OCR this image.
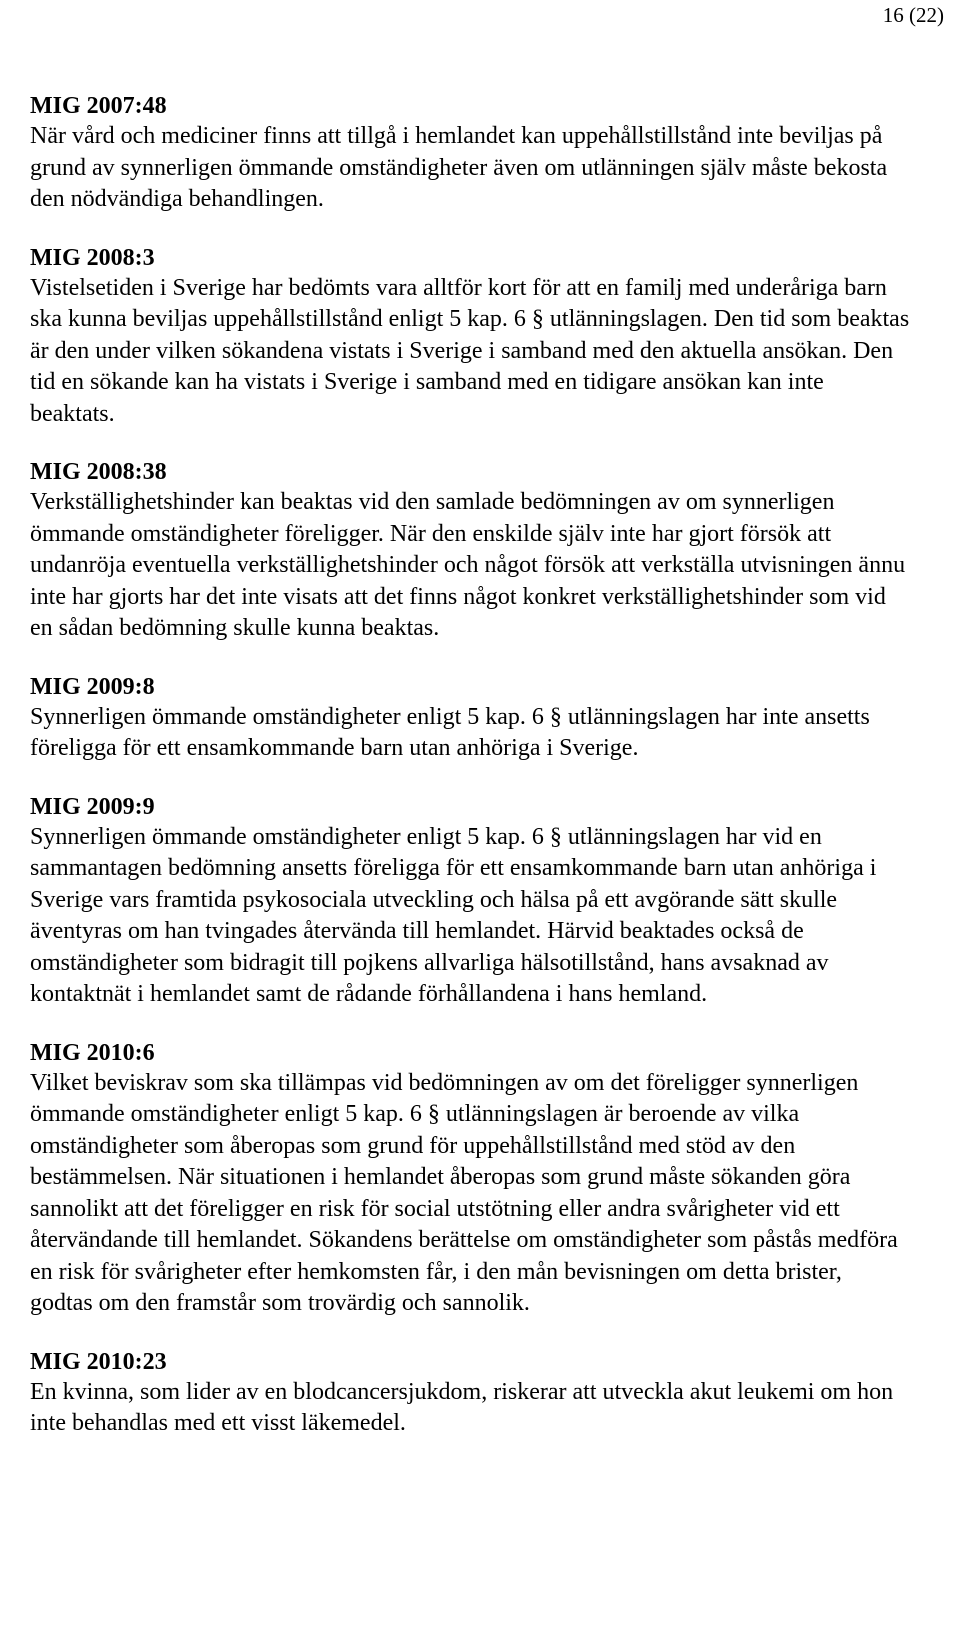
16 (22)

MIG 2007:48

När vård och mediciner finns att tillgå i hemlandet kan uppehållstillstånd inte beviljas på grund av synnerligen ömmande omständigheter även om utlänningen själv måste bekosta den nödvändiga behandlingen.

MIG 2008:3

Vistelsetiden i Sverige har bedömts vara alltför kort för att en familj med underåriga barn ska kunna beviljas uppehållstillstånd enligt 5 kap. 6 § utlänningslagen. Den tid som beaktas är den under vilken sökandena vistats i Sverige i samband med den aktuella ansökan. Den tid en sökande kan ha vistats i Sverige i samband med en tidigare ansökan kan inte beaktats.

MIG 2008:38

Verkställighetshinder kan beaktas vid den samlade bedömningen av om synnerligen ömmande omständigheter föreligger. När den enskilde själv inte har gjort försök att undanröja eventuella verkställighetshinder och något försök att verkställa utvisningen ännu inte har gjorts har det inte visats att det finns något konkret verkställighetshinder som vid en sådan bedömning skulle kunna beaktas.

MIG 2009:8

Synnerligen ömmande omständigheter enligt 5 kap. 6 § utlänningslagen har inte ansetts föreligga för ett ensamkommande barn utan anhöriga i Sverige.

MIG 2009:9

Synnerligen ömmande omständigheter enligt 5 kap. 6 § utlänningslagen har vid en sammantagen bedömning ansetts föreligga för ett ensamkommande barn utan anhöriga i Sverige vars framtida psykosociala utveckling och hälsa på ett avgörande sätt skulle äventyras om han tvingades återvända till hemlandet. Härvid beaktades också de omständigheter som bidragit till pojkens allvarliga hälsotillstånd, hans avsaknad av kontaktnät i hemlandet samt de rådande förhållandena i hans hemland.

MIG 2010:6

Vilket beviskrav som ska tillämpas vid bedömningen av om det föreligger synnerligen ömmande omständigheter enligt 5 kap. 6 § utlänningslagen är beroende av vilka omständigheter som åberopas som grund för uppehållstillstånd med stöd av den bestämmelsen. När situationen i hemlandet åberopas som grund måste sökanden göra sannolikt att det föreligger en risk för social utstötning eller andra svårigheter vid ett återvändande till hemlandet. Sökandens berättelse om omständigheter som påstås medföra en risk för svårigheter efter hemkomsten får, i den mån bevisningen om detta brister, godtas om den framstår som trovärdig och sannolik.

MIG 2010:23

En kvinna, som lider av en blodcancersjukdom, riskerar att utveckla akut leukemi om hon inte behandlas med ett visst läkemedel.
